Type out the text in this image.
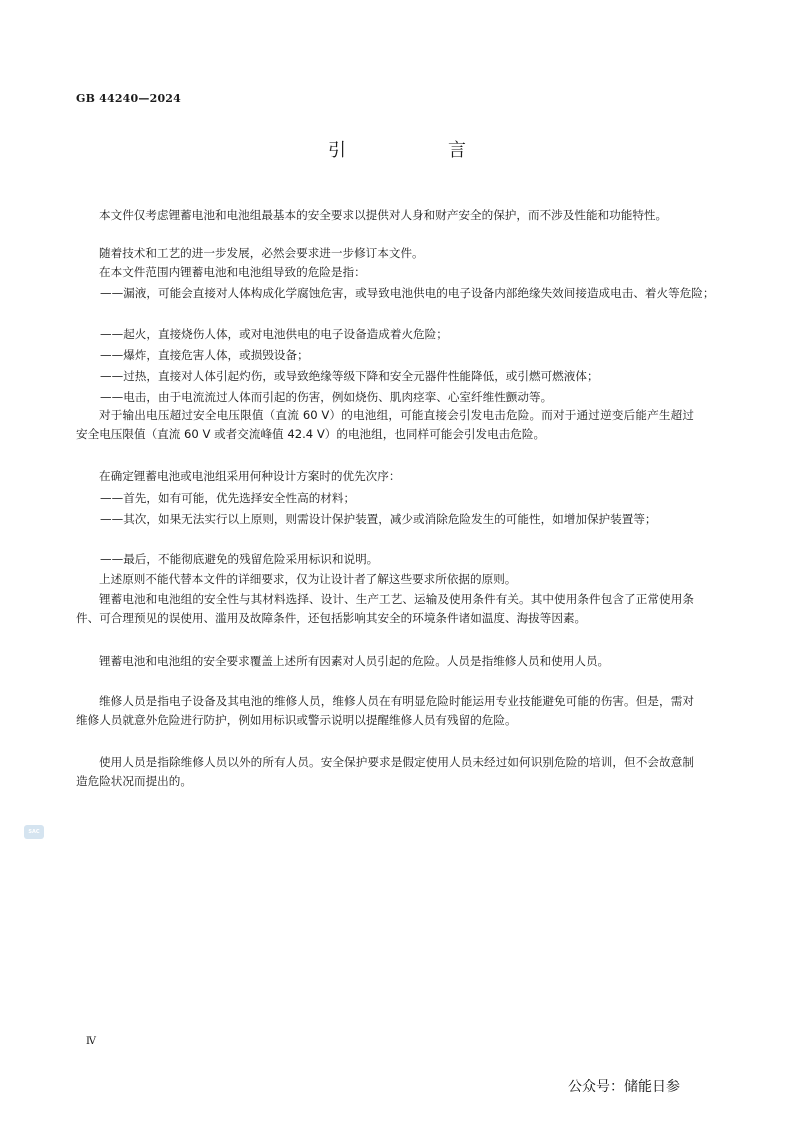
GB 44240—2024
引　言
本文件仅考虑锂蓄电池和电池组最基本的安全要求以提供对人身和财产安全的保护，而不涉及性能和功能特性。
随着技术和工艺的进一步发展，必然会要求进一步修订本文件。
在本文件范围内锂蓄电池和电池组导致的危险是指：
——漏液，可能会直接对人体构成化学腐蚀危害，或导致电池供电的电子设备内部绝缘失效间接造成电击、着火等危险；
——起火，直接烧伤人体，或对电池供电的电子设备造成着火危险；
——爆炸，直接危害人体，或损毁设备；
——过热，直接对人体引起灼伤，或导致绝缘等级下降和安全元器件性能降低，或引燃可燃液体；
——电击，由于电流流过人体而引起的伤害，例如烧伤、肌肉痉挛、心室纤维性颤动等。
对于输出电压超过安全电压限值（直流 60 V）的电池组，可能直接会引发电击危险。而对于通过逆变后能产生超过安全电压限值（直流 60 V 或者交流峰值 42.4 V）的电池组，也同样可能会引发电击危险。
在确定锂蓄电池或电池组采用何种设计方案时的优先次序：
——首先，如有可能，优先选择安全性高的材料；
——其次，如果无法实行以上原则，则需设计保护装置，减少或消除危险发生的可能性，如增加保护装置等；
——最后，不能彻底避免的残留危险采用标识和说明。
上述原则不能代替本文件的详细要求，仅为让设计者了解这些要求所依据的原则。
锂蓄电池和电池组的安全性与其材料选择、设计、生产工艺、运输及使用条件有关。其中使用条件包含了正常使用条件、可合理预见的误使用、滥用及故障条件，还包括影响其安全的环境条件诸如温度、海拔等因素。
锂蓄电池和电池组的安全要求覆盖上述所有因素对人员引起的危险。人员是指维修人员和使用人员。
维修人员是指电子设备及其电池的维修人员，维修人员在有明显危险时能运用专业技能避免可能的伤害。但是，需对维修人员就意外危险进行防护，例如用标识或警示说明以提醒维修人员有残留的危险。
使用人员是指除维修人员以外的所有人员。安全保护要求是假定使用人员未经过如何识别危险的培训，但不会故意制造危险状况而提出的。
SAC
Ⅳ
公众号：储能日参
